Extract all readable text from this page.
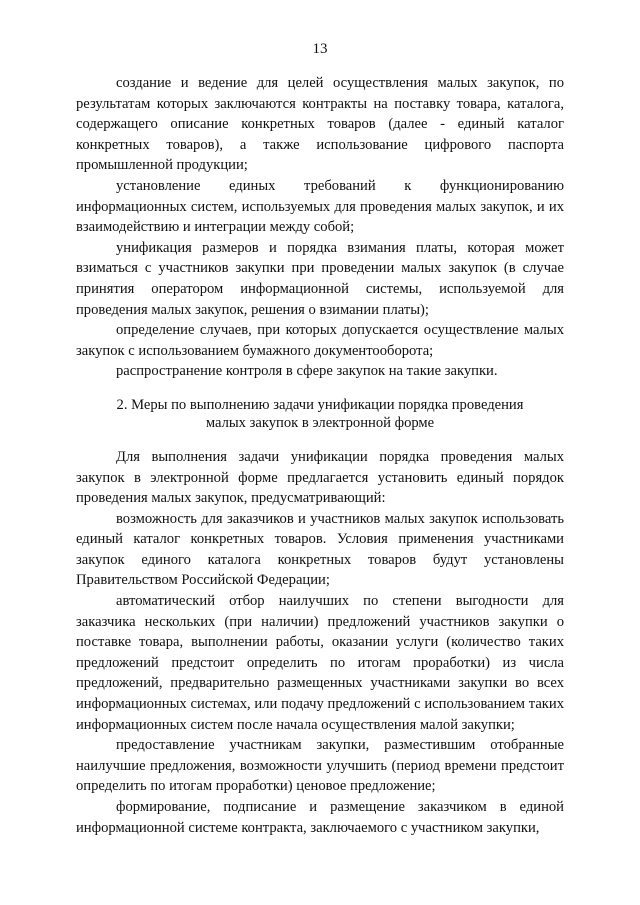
13

создание и ведение для целей осуществления малых закупок, по результатам которых заключаются контракты на поставку товара, каталога, содержащего описание конкретных товаров (далее - единый каталог конкретных товаров), а также использование цифрового паспорта промышленной продукции;

установление единых требований к функционированию информационных систем, используемых для проведения малых закупок, и их взаимодействию и интеграции между собой;

унификация размеров и порядка взимания платы, которая может взиматься с участников закупки при проведении малых закупок (в случае принятия оператором информационной системы, используемой для проведения малых закупок, решения о взимании платы);

определение случаев, при которых допускается осуществление малых закупок с использованием бумажного документооборота;

распространение контроля в сфере закупок на такие закупки.

2. Меры по выполнению задачи унификации порядка проведения
малых закупок в электронной форме

Для выполнения задачи унификации порядка проведения малых закупок в электронной форме предлагается установить единый порядок проведения малых закупок, предусматривающий:

возможность для заказчиков и участников малых закупок использовать единый каталог конкретных товаров. Условия применения участниками закупок единого каталога конкретных товаров будут установлены Правительством Российской Федерации;

автоматический отбор наилучших по степени выгодности для заказчика нескольких (при наличии) предложений участников закупки о поставке товара, выполнении работы, оказании услуги (количество таких предложений предстоит определить по итогам проработки) из числа предложений, предварительно размещенных участниками закупки во всех информационных системах, или подачу предложений с использованием таких информационных систем после начала осуществления малой закупки;

предоставление участникам закупки, разместившим отобранные наилучшие предложения, возможности улучшить (период времени предстоит определить по итогам проработки) ценовое предложение;

формирование, подписание и размещение заказчиком в единой информационной системе контракта, заключаемого с участником закупки,
